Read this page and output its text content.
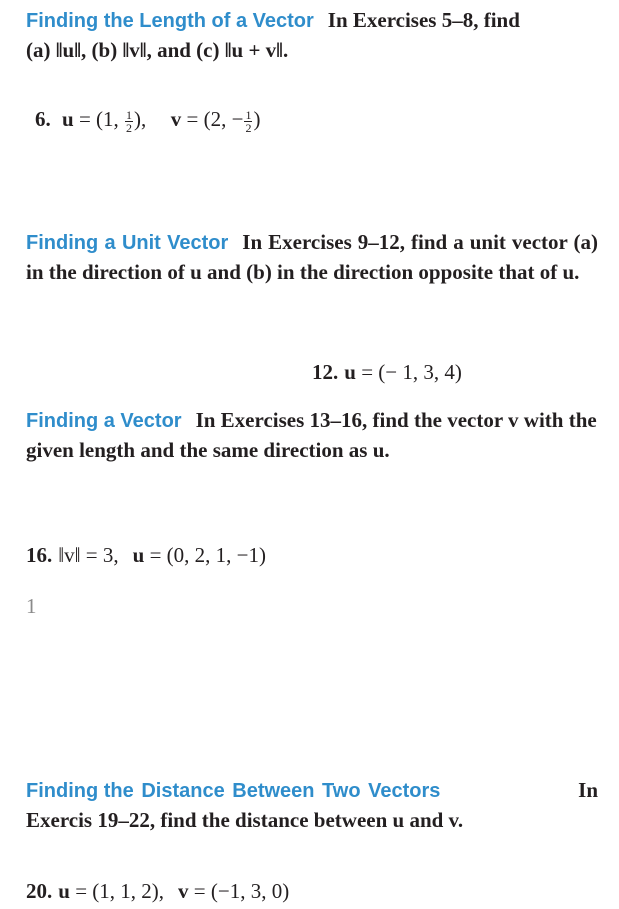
Finding the Length of a Vector In Exercises 5–8, find
(a) ‖u‖, (b) ‖v‖, and (c) ‖u + v‖.

6. u = (1, $\frac{1}{2}$ ), v = (2, − $\frac{1}{2}$ )

Finding a Unit Vector In Exercises 9–12, find a unit vector (a) in the direction of u and (b) in the direction opposite that of u.

12. u = (− 1, 3, 4)

Finding a Vector In Exercises 13–16, find the vector v with the given length and the same direction as u.

16. ‖v‖ = 3, u = (0, 2, 1, −1)
1

Finding the Distance Between Two Vectors	In

Exercis 19–22, find the distance between u and v.

20. u = (1, 1, 2), v = (−1, 3, 0)
